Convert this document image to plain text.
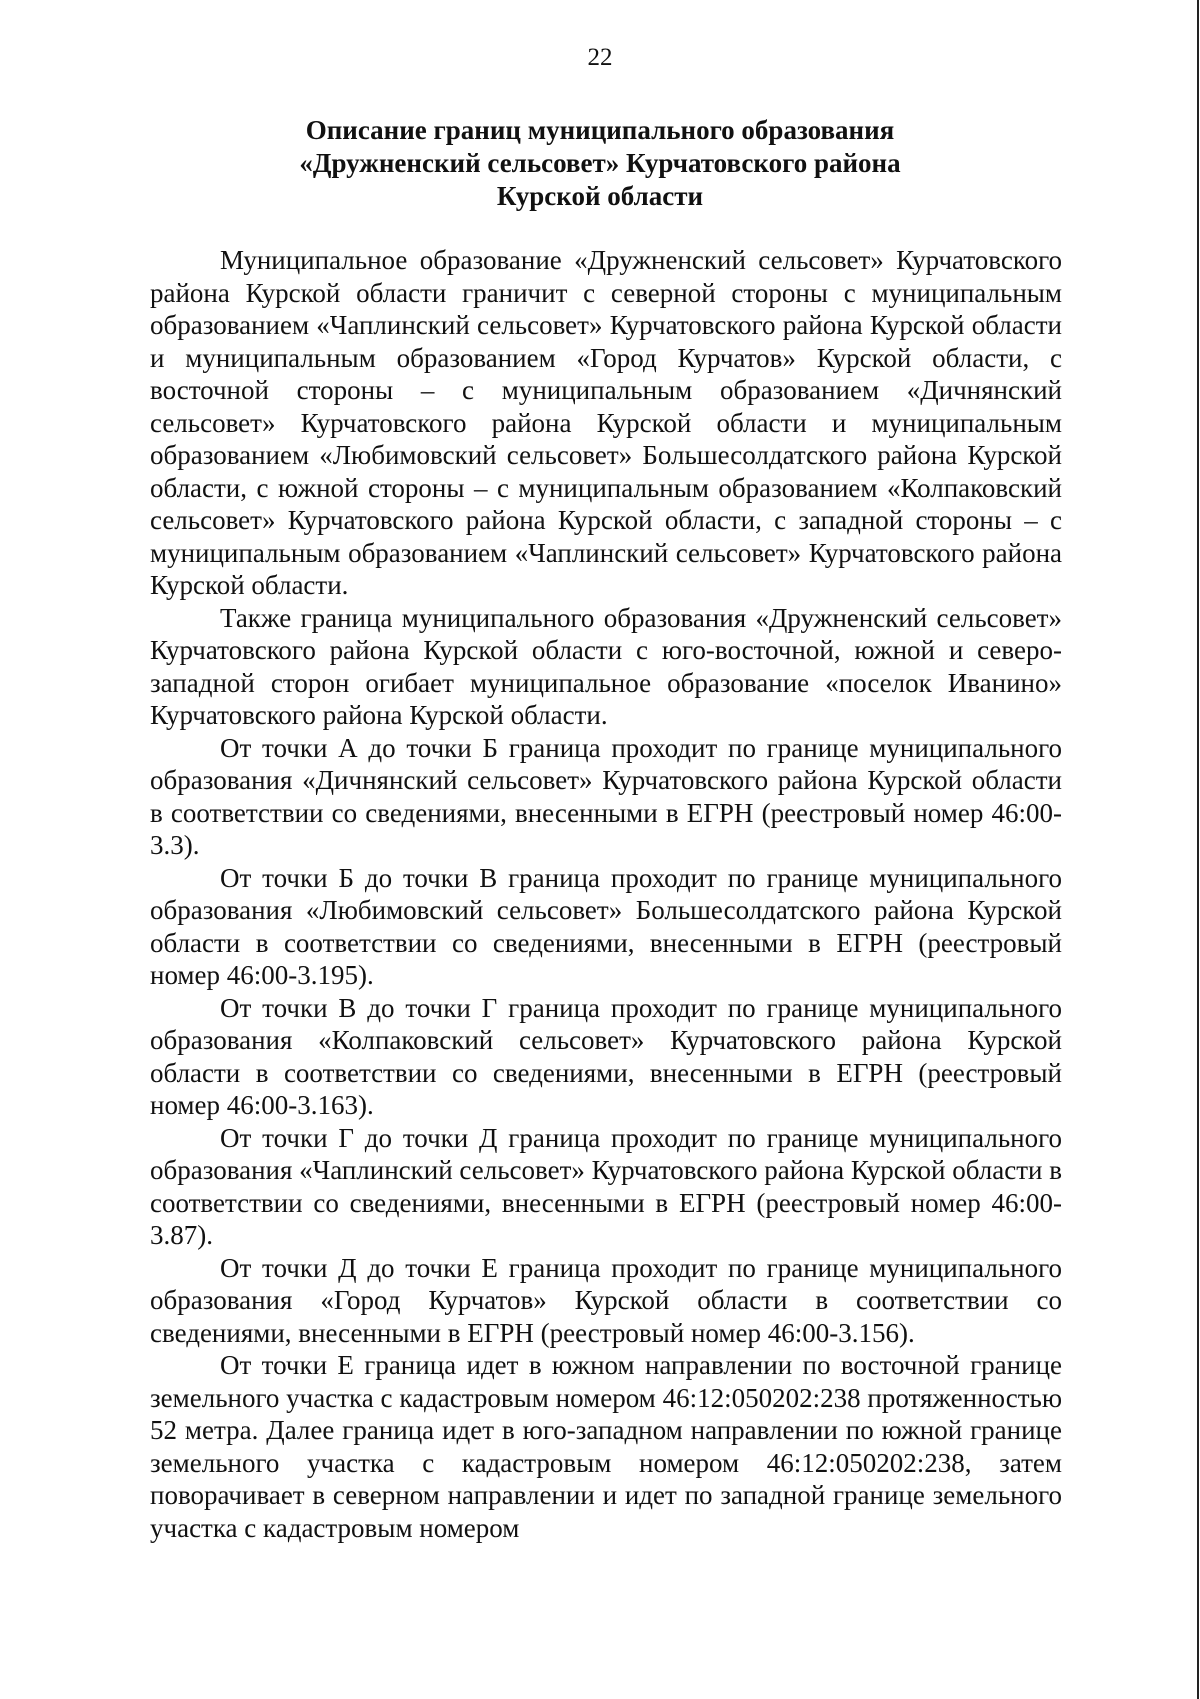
22
Описание границ муниципального образования
«Дружненский сельсовет» Курчатовского района
Курской области

Муниципальное образование «Дружненский сельсовет» Курчатовского района Курской области граничит с северной стороны с муниципальным образованием «Чаплинский сельсовет» Курчатовского района Курской области и муниципальным образованием «Город Курчатов» Курской области, с восточной стороны – с муниципальным образованием «Дичнянский сельсовет» Курчатовского района Курской области и муниципальным образованием «Любимовский сельсовет» Большесолдатского района Курской области, с южной стороны – с муниципальным образованием «Колпаковский сельсовет» Курчатовского района Курской области, с западной стороны – с муниципальным образованием «Чаплинский сельсовет» Курчатовского района Курской области.

Также граница муниципального образования «Дружненский сельсовет» Курчатовского района Курской области с юго-восточной, южной и северо-западной сторон огибает муниципальное образование «поселок Иванино» Курчатовского района Курской области.

От точки А до точки Б граница проходит по границе муниципального образования «Дичнянский сельсовет» Курчатовского района Курской области в соответствии со сведениями, внесенными в ЕГРН (реестровый номер 46:00-3.3).

От точки Б до точки В граница проходит по границе муниципального образования «Любимовский сельсовет» Большесолдатского района Курской области в соответствии со сведениями, внесенными в ЕГРН (реестровый номер 46:00-3.195).

От точки В до точки Г граница проходит по границе муниципального образования «Колпаковский сельсовет» Курчатовского района Курской области в соответствии со сведениями, внесенными в ЕГРН (реестровый номер 46:00-3.163).

От точки Г до точки Д граница проходит по границе муниципального образования «Чаплинский сельсовет» Курчатовского района Курской области в соответствии со сведениями, внесенными в ЕГРН (реестровый номер 46:00-3.87).

От точки Д до точки Е граница проходит по границе муниципального образования «Город Курчатов» Курской области в соответствии со сведениями, внесенными в ЕГРН (реестровый номер 46:00-3.156).

От точки Е граница идет в южном направлении по восточной границе земельного участка с кадастровым номером 46:12:050202:238 протяженностью 52 метра. Далее граница идет в юго-западном направлении по южной границе земельного участка с кадастровым номером 46:12:050202:238, затем поворачивает в северном направлении и идет по западной границе земельного участка с кадастровым номером
